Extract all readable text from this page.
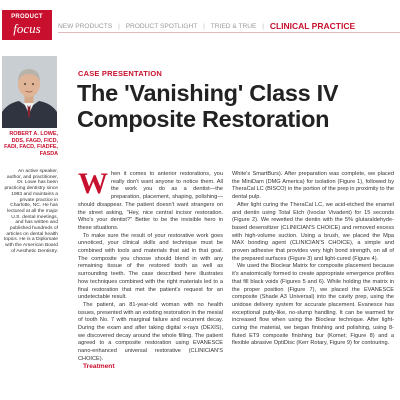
PRODUCT
focus	NEW PRODUCTS | PRODUCT SPOTLIGHT | TRIED & TRUE | CLINICAL PRACTICE
ROBERT A. LOWE, DDS, FAGD, FICD, FADI, FACD, FIADFE, FASDA
An active speaker, author, and practitioner, Dr. Lowe has been practicing dentistry since 1983 and maintains a private practice in Charlotte, NC. He has lectured at all the major U.S. dental meetings, and has written and published hundreds of articles on dental health topics. He is a Diplomate with the American Board of Aesthetic Dentistry.
CASE PRESENTATION
The 'Vanishing' Class IV Composite Restoration

When it comes to anterior restorations, you really don't want anyone to notice them. All the work you do as a dentist—the preparation, placement, shaping, polishing—should disappear. The patient doesn't want strangers on the street asking, "Hey, nice central incisor restoration. Who's your dentist?" Better to be the invisible hero in these situations.

To make sure the result of your restorative work goes unnoticed, your clinical skills and technique must be combined with tools and materials that aid in that goal. The composite you choose should blend in with any remaining tissue of the restored tooth as well as surrounding teeth. The case described here illustrates how techniques combined with the right materials led to a final restoration that met the patient's request for an undetectable result.

The patient, an 81-year-old woman with no health issues, presented with an existing restoration in the mesial of tooth No. 7 with marginal failure and recurrent decay. During the exam and after taking digital x-rays (DEXIS), we discovered decay around the whole filling. The patient agreed to a composite restoration using EVANESCE nano-enhanced universal restorative (CLINICIAN'S CHOICE).

Treatment

White's SmartBurs). After preparation was complete, we placed the MiniDam (DMG America) for isolation (Figure 1), followed by TheraCal LC (BISCO) in the portion of the prep in proximity to the dental pulp.

After light curing the TheraCal LC, we acid-etched the enamel and dentin using Total Etch (Ivoclar Vivadent) for 15 seconds (Figure 2). We rewetted the dentin with the 5% glutaraldehyde-based desensitizer (CLINICIAN'S CHOICE) and removed excess with high-volume suction. Using a brush, we placed the Mpa MAX bonding agent (CLINICIAN'S CHOICE), a simple and proven adhesive that provides very high bond strength, on all of the prepared surfaces (Figure 3) and light-cured (Figure 4).

We used the Bioclear Matrix for composite placement because it's anatomically formed to create appropriate emergence profiles that fill black voids (Figures 5 and 6). While holding the matrix in the proper position (Figure 7), we placed the EVANESCE composite (Shade A3 Universal) into the cavity prep, using the unidose delivery system for accurate placement. Evanesce has exceptional putty-like, no-slump handling. It can be warmed for increased flow when using the Bioclear technique. After light-curing the material, we began finishing and polishing, using 8-fluted ET9 composite finishing bur (Komet; Figure 8) and a flexible abrasive OptiDisc (Kerr Rotary, Figure 9) for contouring.
